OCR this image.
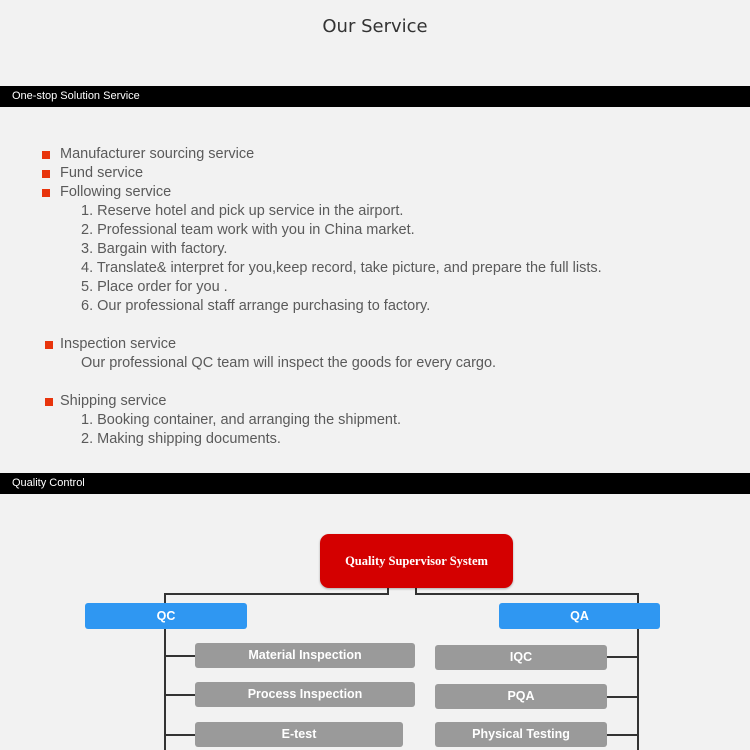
Our Service
One-stop Solution Service
Manufacturer sourcing service
Fund service
Following service
1. Reserve hotel and pick up service in the airport.
2. Professional team work with you in China market.
3. Bargain with factory.
4. Translate& interpret for you,keep record, take picture, and prepare the full lists.
5. Place order for you .
6. Our professional staff arrange purchasing to factory.
Inspection service
Our professional QC team will inspect the goods for every cargo.
Shipping service
1. Booking container, and arranging the shipment.
2. Making shipping documents.
Quality Control
Quality Supervisor System
QC	QA
Material Inspection
Process Inspection
E-test
IQC
PQA
Physical Testing
